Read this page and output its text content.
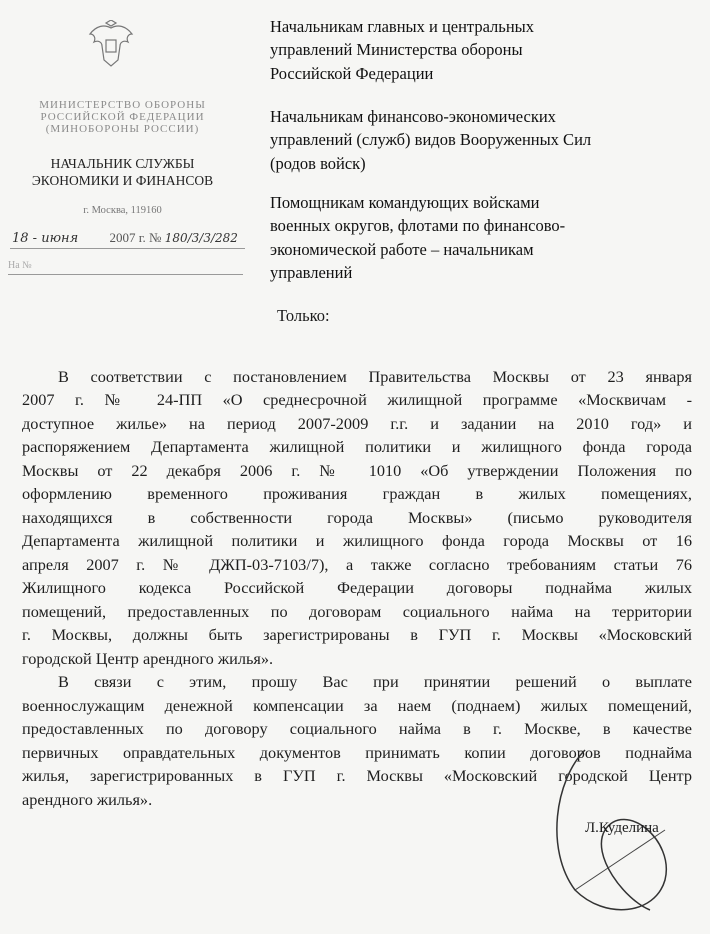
МИНИСТЕРСТВО ОБОРОНЫ
РОССИЙСКОЙ ФЕДЕРАЦИИ
(МИНОБОРОНЫ РОССИИ)
НАЧАЛЬНИК СЛУЖБЫ
ЭКОНОМИКИ И ФИНАНСОВ
г. Москва, 119160
18 - июня 2007 г. № 180/3/3/282
На №
Начальникам главных и центральных
управлений Министерства обороны
Российской Федерации
Начальникам финансово-экономических
управлений (служб) видов Вооруженных Сил
(родов войск)
Помощникам командующих войсками
военных округов, флотами по финансово-
экономической работе – начальникам
управлений
Только:
В соответствии с постановлением Правительства Москвы от 23 января
2007 г. № 24-ПП «О среднесрочной жилищной программе «Москвичам -
доступное жилье» на период 2007-2009 г.г. и задании на 2010 год» и
распоряжением Департамента жилищной политики и жилищного фонда города
Москвы от 22 декабря 2006 г. № 1010 «Об утверждении Положения по
оформлению временного проживания граждан в жилых помещениях,
находящихся в собственности города Москвы» (письмо руководителя
Департамента жилищной политики и жилищного фонда города Москвы от 16
апреля 2007 г. № ДЖП-03-7103/7), а также согласно требованиям статьи 76
Жилищного кодекса Российской Федерации договоры поднайма жилых
помещений, предоставленных по договорам социального найма на территории
г. Москвы, должны быть зарегистрированы в ГУП г. Москвы «Московский
городской Центр арендного жилья».
В связи с этим, прошу Вас при принятии решений о выплате
военнослужащим денежной компенсации за наем (поднаем) жилых помещений,
предоставленных по договору социального найма в г. Москве, в качестве
первичных оправдательных документов принимать копии договоров поднайма
жилья, зарегистрированных в ГУП г. Москвы «Московский городской Центр
арендного жилья».
Л.Куделина
